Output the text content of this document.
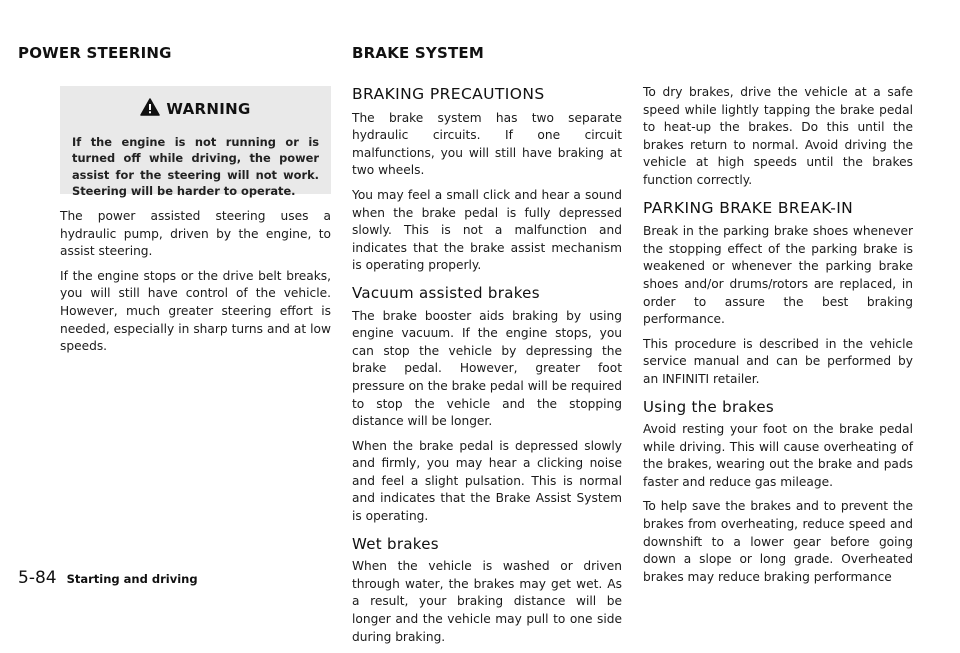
POWER STEERING	BRAKE SYSTEM
WARNING
If the engine is not running or is turned off while driving, the power assist for the steering will not work. Steering will be harder to operate.

The power assisted steering uses a hydraulic pump, driven by the engine, to assist steering.

If the engine stops or the drive belt breaks, you will still have control of the vehicle. However, much greater steering effort is needed, especially in sharp turns and at low speeds.

BRAKING PRECAUTIONS

The brake system has two separate hydraulic circuits. If one circuit malfunctions, you will still have braking at two wheels.

You may feel a small click and hear a sound when the brake pedal is fully depressed slowly. This is not a malfunction and indicates that the brake assist mechanism is operating properly.

Vacuum assisted brakes

The brake booster aids braking by using engine vacuum. If the engine stops, you can stop the vehicle by depressing the brake pedal. However, greater foot pressure on the brake pedal will be required to stop the vehicle and the stopping distance will be longer.

When the brake pedal is depressed slowly and firmly, you may hear a clicking noise and feel a slight pulsation. This is normal and indicates that the Brake Assist System is operating.

Wet brakes

When the vehicle is washed or driven through water, the brakes may get wet. As a result, your braking distance will be longer and the vehicle may pull to one side during braking.

To dry brakes, drive the vehicle at a safe speed while lightly tapping the brake pedal to heat-up the brakes. Do this until the brakes return to normal. Avoid driving the vehicle at high speeds until the brakes function correctly.

PARKING BRAKE BREAK-IN

Break in the parking brake shoes whenever the stopping effect of the parking brake is weakened or whenever the parking brake shoes and/or drums/rotors are replaced, in order to assure the best braking performance.

This procedure is described in the vehicle service manual and can be performed by an INFINITI retailer.

Using the brakes

Avoid resting your foot on the brake pedal while driving. This will cause overheating of the brakes, wearing out the brake and pads faster and reduce gas mileage.

To help save the brakes and to prevent the brakes from overheating, reduce speed and downshift to a lower gear before going down a slope or long grade. Overheated brakes may reduce braking performance

5-84 Starting and driving
